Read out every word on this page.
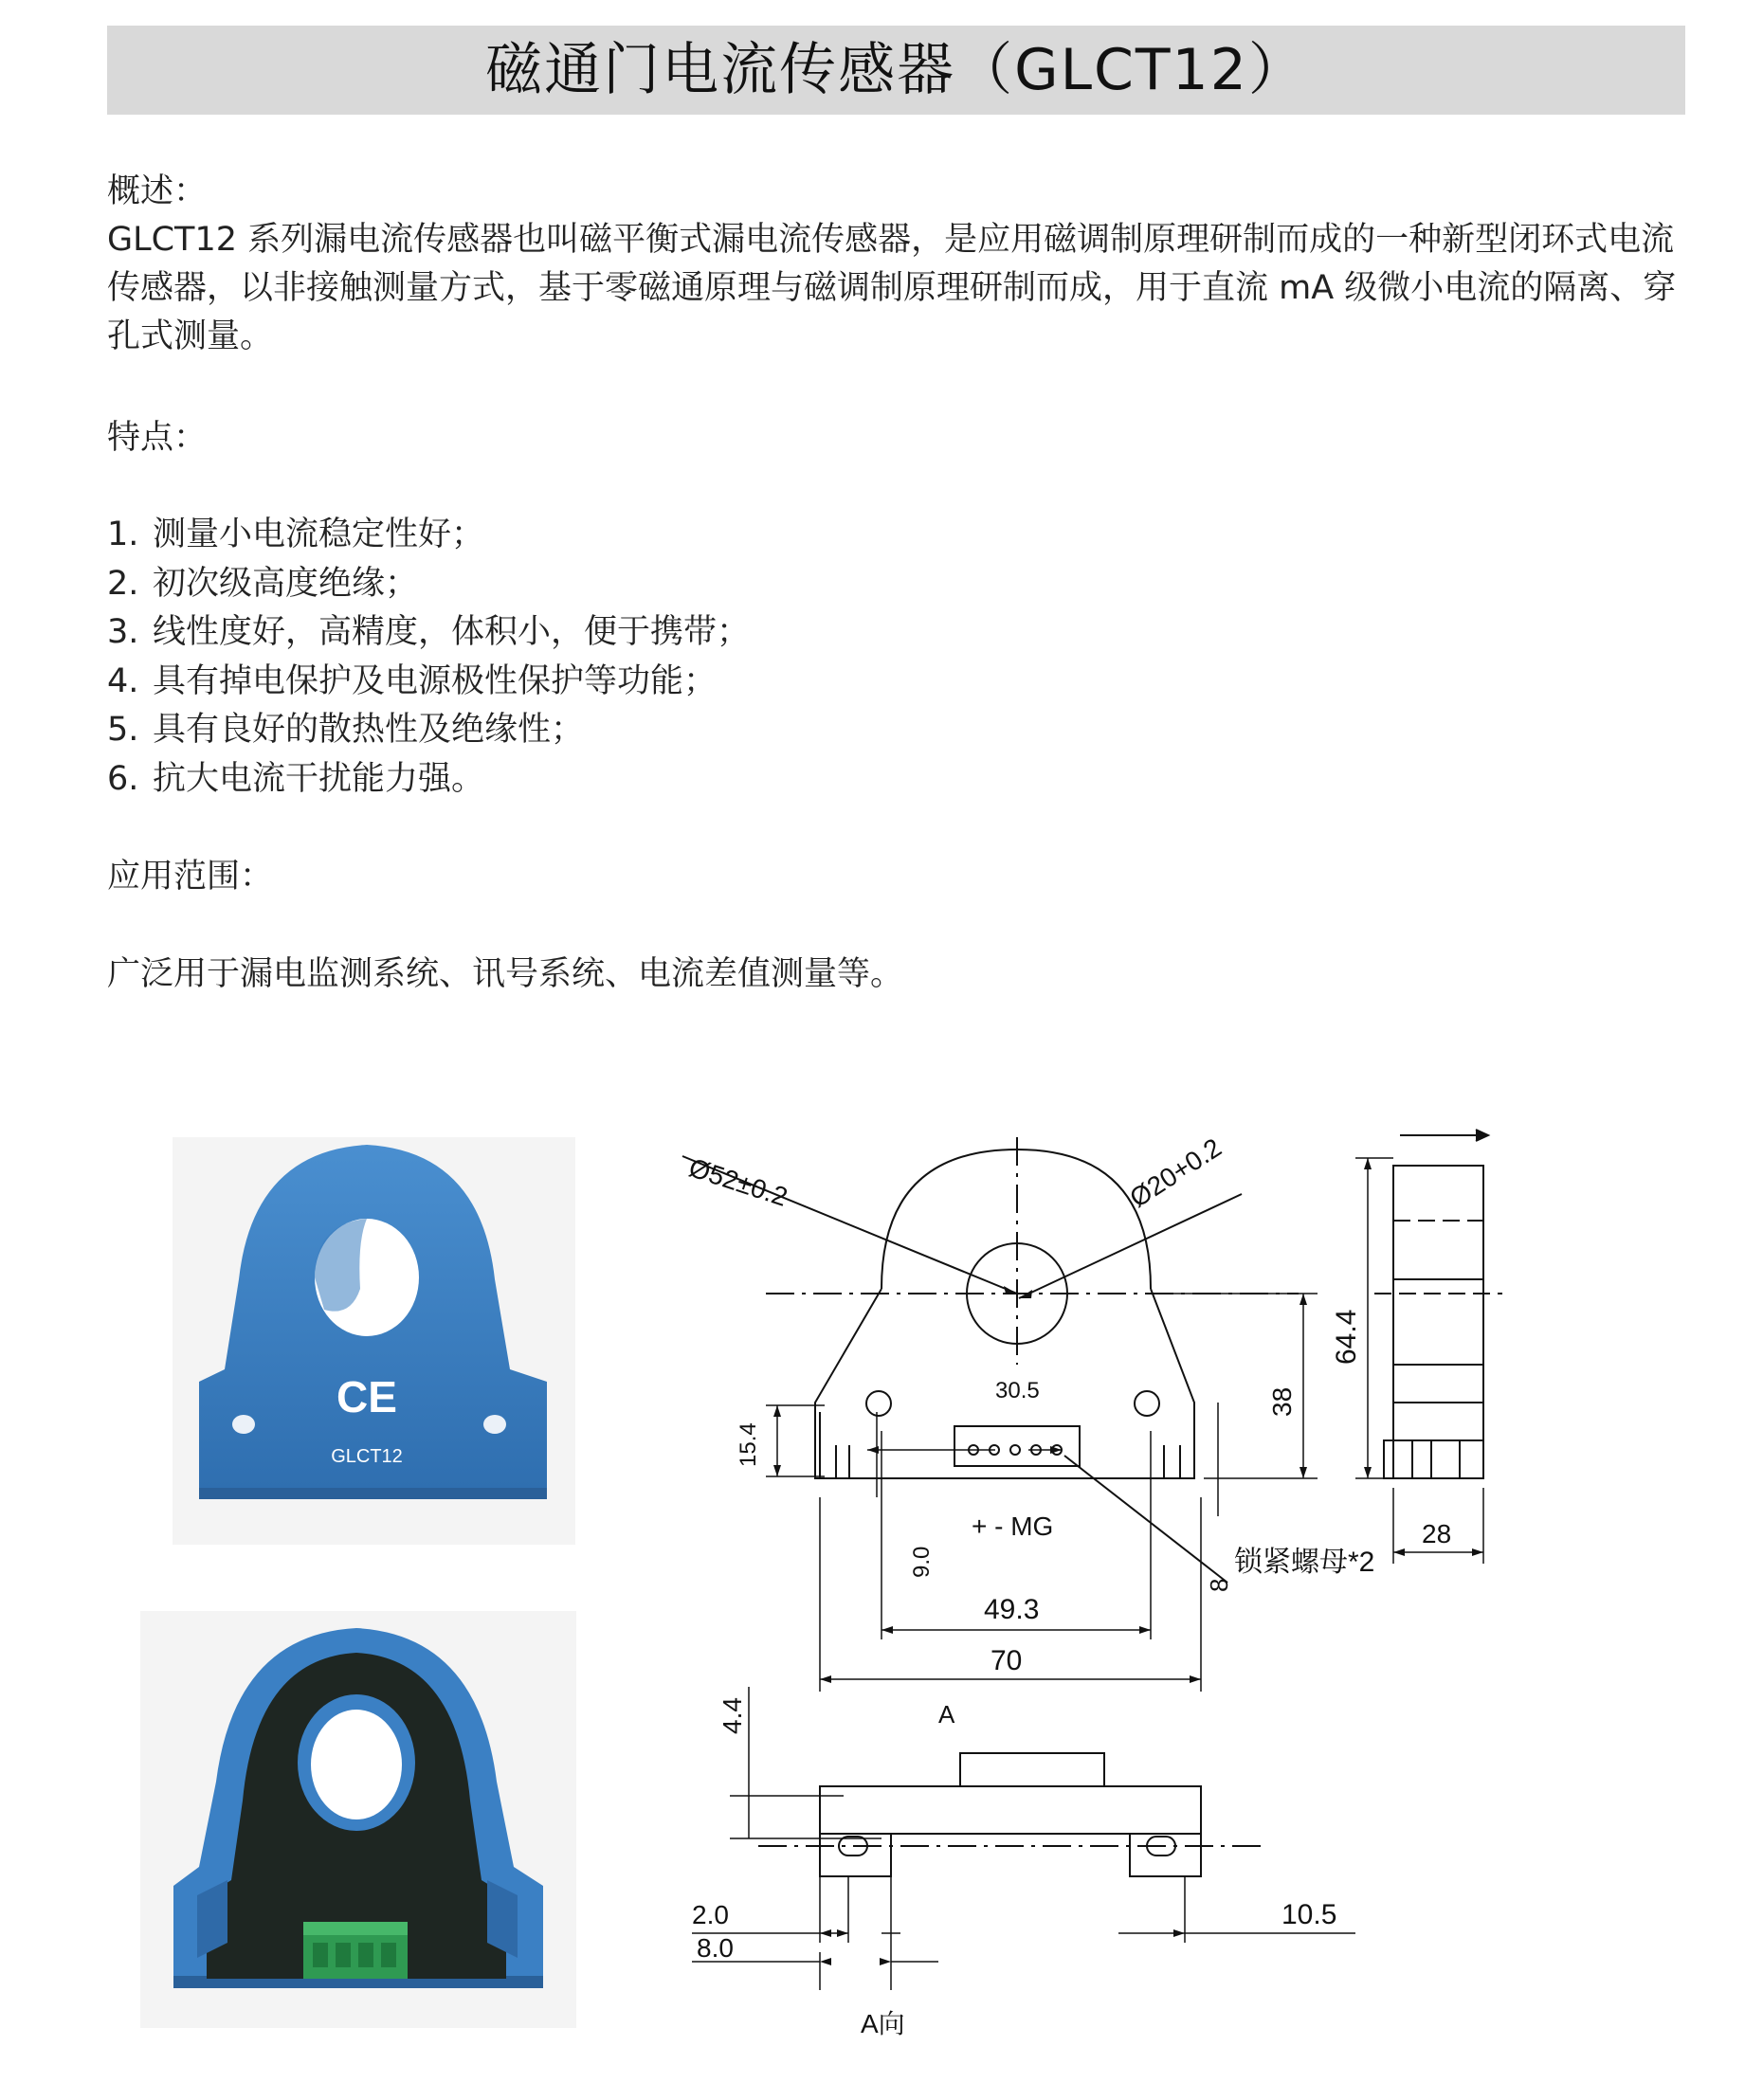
磁通门电流传感器（GLCT12）
概述：
GLCT12 系列漏电流传感器也叫磁平衡式漏电流传感器，是应用磁调制原理研制而成的一种新型闭环式电流传感器，以非接触测量方式，基于零磁通原理与磁调制原理研制而成，用于直流 mA 级微小电流的隔离、穿孔式测量。
特点：
1. 测量小电流稳定性好；
2. 初次级高度绝缘；
3. 线性度好，高精度，体积小，便于携带；
4. 具有掉电保护及电源极性保护等功能；
5. 具有良好的散热性及绝缘性；
6. 抗大电流干扰能力强。
应用范围：
广泛用于漏电监测系统、讯号系统、电流差值测量等。
CE
GLCT12
Ø52±0.2	Ø20+0.2
30.5
15.4
38
64.4
28
9.0
8
+ - MG
锁紧螺母*2
49.3
70
A
4.4
2.0
8.0
10.5
A向
